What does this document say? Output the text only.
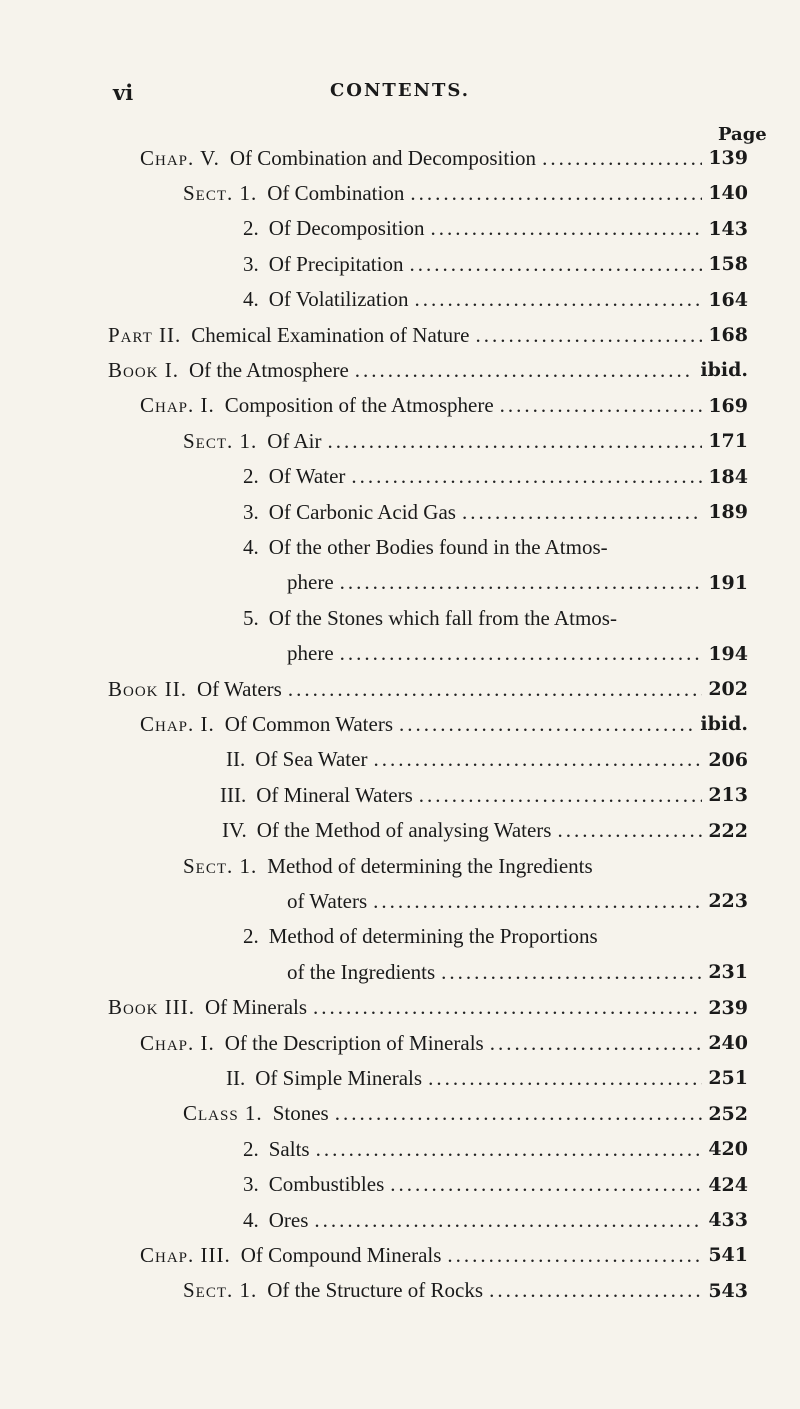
vi	CONTENTS.
Page
Chap. V. Of Combination and Decomposition .....	139
Sect. 1. Of Combination .....	140
2. Of Decomposition .....	143
3. Of Precipitation .....	158
4. Of Volatilization .....	164
Part II. Chemical Examination of Nature .....	168
Book I. Of the Atmosphere .....	ibid.
Chap. I. Composition of the Atmosphere .....	169
Sect. 1. Of Air .....	171
2. Of Water .....	184
3. Of Carbonic Acid Gas .....	189
4. Of the other Bodies found in the Atmos-
phere .....	191
5. Of the Stones which fall from the Atmos-
phere .....	194
Book II. Of Waters .....	202
Chap. I. Of Common Waters .....	ibid.
II. Of Sea Water .....	206
III. Of Mineral Waters .....	213
IV. Of the Method of analysing Waters .....	222
Sect. 1. Method of determining the Ingredients
of Waters .....	223
2. Method of determining the Proportions
of the Ingredients .....	231
Book III. Of Minerals .....	239
Chap. I. Of the Description of Minerals .....	240
II. Of Simple Minerals .....	251
Class 1. Stones .....	252
2. Salts .....	420
3. Combustibles .....	424
4. Ores .....	433
Chap. III. Of Compound Minerals .....	541
Sect. 1. Of the Structure of Rocks .....	543
